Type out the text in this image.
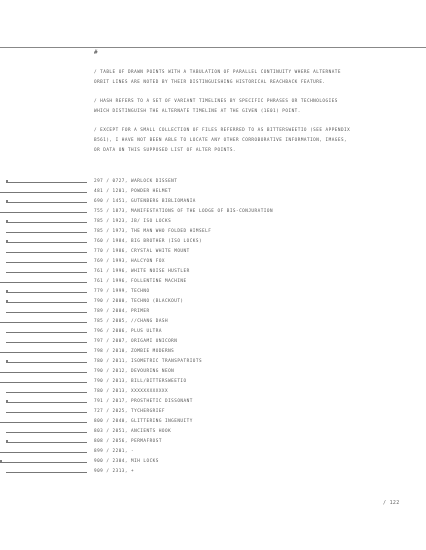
#

/ TABLE OF DRAWN POINTS WITH A TABULATION OF PARALLEL CONTINUITY WHERE ALTERNATE
ORBIT LINES ARE NOTED BY THEIR DISTINGUISHING HISTORICAL REACHBACK FEATURE.

/ HASH REFERS TO A SET OF VARIANT TIMELINES BY SPECIFIC PHRASES OR TECHNOLOGIES
WHICH DISTINGUISH THE ALTERNATE TIMELINE AT THE GIVEN (1E01) POINT.

/ EXCEPT FOR A SMALL COLLECTION OF FILES REFERRED TO AS BITTERSWEETIO (SEE APPENDIX
B561), I HAVE NOT BEEN ABLE TO LOCATE ANY OTHER CORROBORATIVE INFORMATION, IMAGES,
OR DATA ON THIS SUPPOSED LIST OF ALTER POINTS.

297 / 0727, WARLOCK DISSENT
481 / 1201, POWDER HELMET
690 / 1451, GUTENBERG BIBLIOMANIA
755 / 1873, MANIFESTATIONS OF THE LODGE OF BIS-CONJURATION
785 / 1923, JB/ ISO LOCKS
785 / 1973, THE MAN WHO FOLDED HIMSELF
760 / 1984, BIG BROTHER (ISO LOCKS)
770 / 1986, CRYSTAL WHITE MOUNT
769 / 1993, HALCYON FOX
761 / 1996, WHITE NOISE HUSTLER
761 / 1996, FOLLENTINE MACHINE
779 / 1999, TECHNO
790 / 2000, TECHNO (BLACKOUT)
789 / 2004, PRIMER
785 / 2005, //CHANG DASH
796 / 2006, PLUS ULTRA
797 / 2007, ORIGAMI UNICORN
798 / 2010, ZOMBIE MODERNS
780 / 2011, ISOMETRIC TRANSPATRIOTS
790 / 2012, DEVOURING NEON
790 / 2013, BILL/BITTERSWEETIO
780 / 2013, XXXXXXXXXXXX
791 / 2017, PROSTHETIC DISSONANT
727 / 2025, TYCHERGRIEF
800 / 2040, GLITTERING INGENUITY
803 / 2051, ANCIENTS HOOK
808 / 2056, PERMAFROST
899 / 2201, -
900 / 2304, MIH LOCKS
909 / 2313, +
/ 122
